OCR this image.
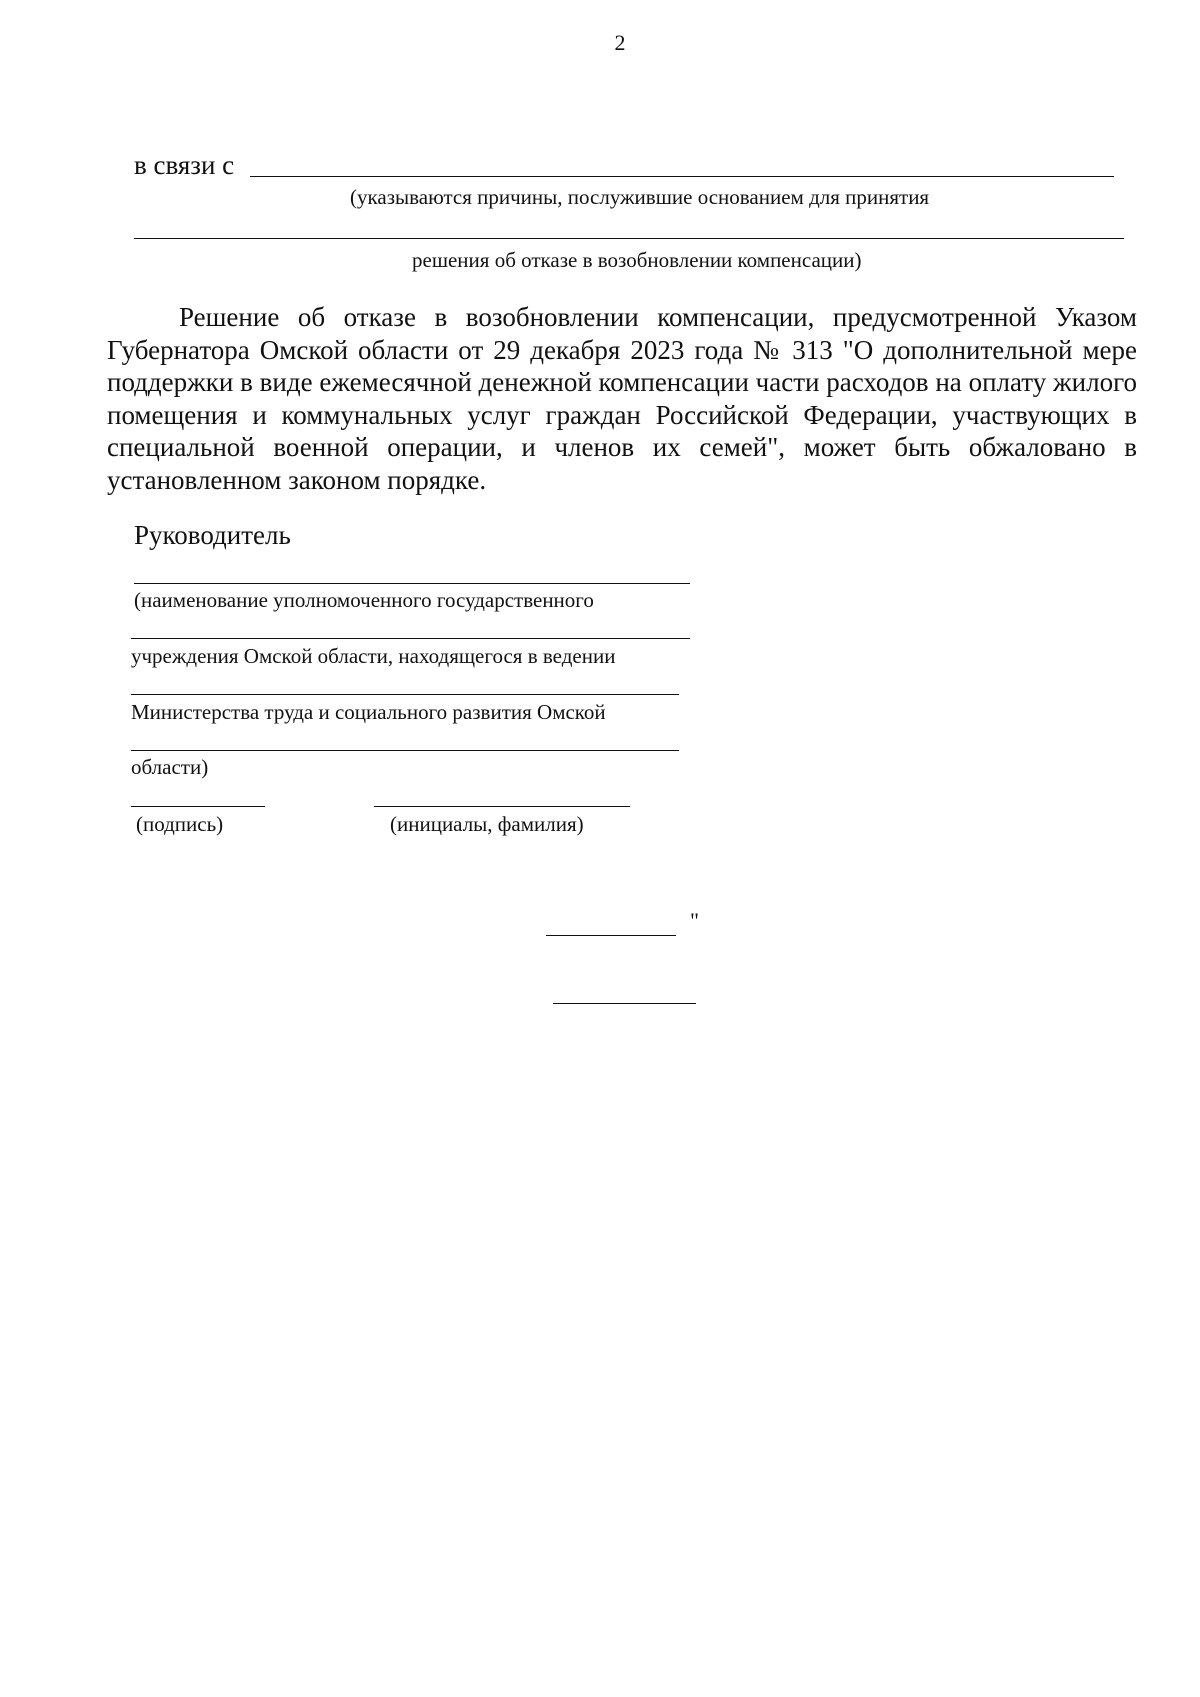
2
в связи с
(указываются причины, послужившие основанием для принятия
решения об отказе в возобновлении компенсации)
Решение об отказе в возобновлении компенсации, предусмотренной Указом Губернатора Омской области от 29 декабря 2023 года № 313 "О дополнительной мере поддержки в виде ежемесячной денежной компенсации части расходов на оплату жилого помещения и коммунальных услуг граждан Российской Федерации, участвующих в специальной военной операции, и членов их семей", может быть обжаловано в установленном законом порядке.
Руководитель
(наименование уполномоченного государственного
учреждения Омской области, находящегося в ведении
Министерства труда и социального развития Омской
области)
(подпись)	(инициалы, фамилия)
"
